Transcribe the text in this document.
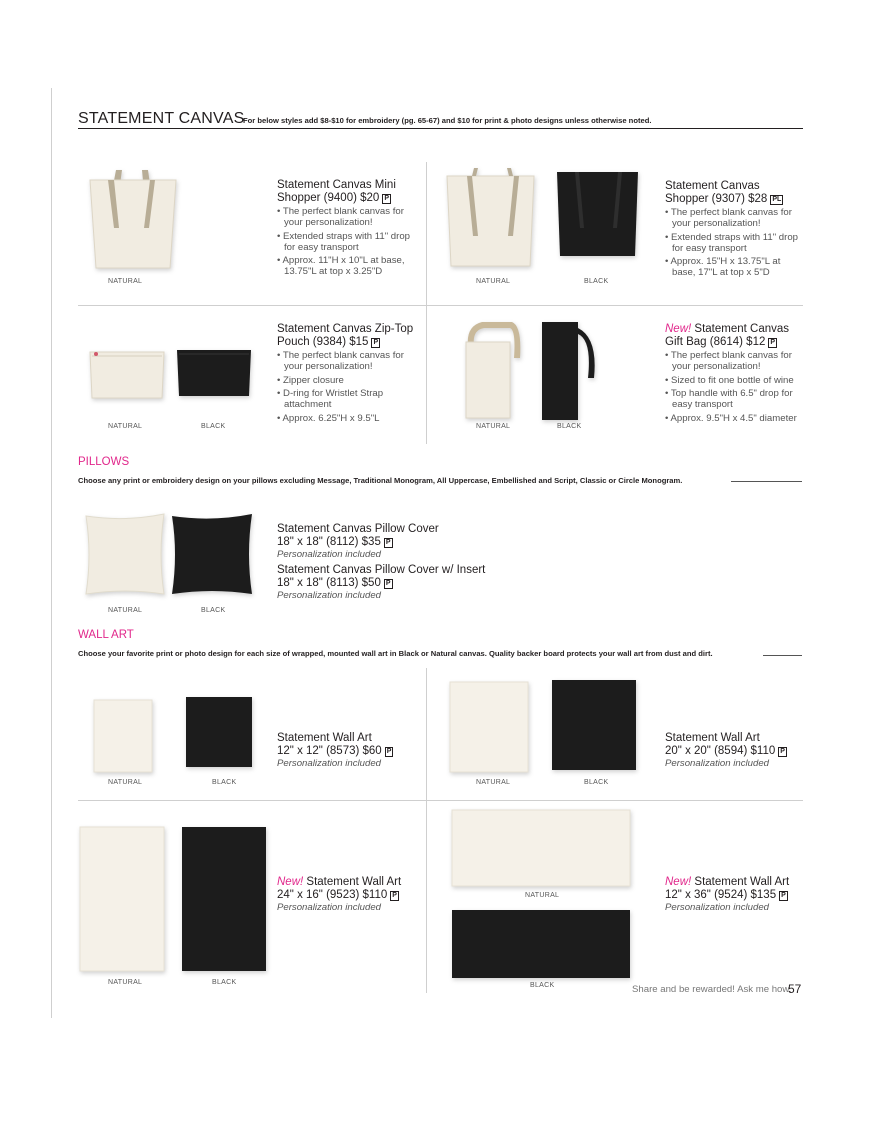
STATEMENT CANVAS
For below styles add $8-$10 for embroidery (pg. 65-67) and $10 for print & photo designs unless otherwise noted.
NATURAL
Statement Canvas Mini
Shopper (9400) $20 P
• The perfect blank canvas for your personalization!
• Extended straps with 11" drop for easy transport
• Approx. 11"H x 10"L at base, 13.75"L at top x 3.25"D
NATURAL	BLACK
Statement Canvas
Shopper (9307) $28 PL
• The perfect blank canvas for your personalization!
• Extended straps with 11" drop for easy transport
• Approx. 15"H x 13.75"L at base, 17"L at top x 5"D
NATURAL	BLACK
Statement Canvas Zip-Top
Pouch (9384) $15 P
• The perfect blank canvas for your personalization!
• Zipper closure
• D-ring for Wristlet Strap attachment
• Approx. 6.25"H x 9.5"L
NATURAL	BLACK
New! Statement Canvas
Gift Bag (8614) $12 P
• The perfect blank canvas for your personalization!
• Sized to fit one bottle of wine
• Top handle with 6.5" drop for easy transport
• Approx. 9.5"H x 4.5" diameter
PILLOWS
Choose any print or embroidery design on your pillows excluding Message, Traditional Monogram, All Uppercase, Embellished and Script, Classic or Circle Monogram.
NATURAL	BLACK
Statement Canvas Pillow Cover
18" x 18" (8112) $35 P
Personalization included
Statement Canvas Pillow Cover w/ Insert
18" x 18" (8113) $50 P
Personalization included
WALL ART
Choose your favorite print or photo design for each size of wrapped, mounted wall art in Black or Natural canvas. Quality backer board protects your wall art from dust and dirt.
NATURAL	BLACK
Statement Wall Art
12" x 12" (8573) $60 P
Personalization included
NATURAL	BLACK
Statement Wall Art
20" x 20" (8594) $110 P
Personalization included
NATURAL	BLACK
New! Statement Wall Art
24" x 16" (9523) $110 P
Personalization included
NATURAL
BLACK
New! Statement Wall Art
12" x 36" (9524) $135 P
Personalization included
Share and be rewarded! Ask me how.
57
